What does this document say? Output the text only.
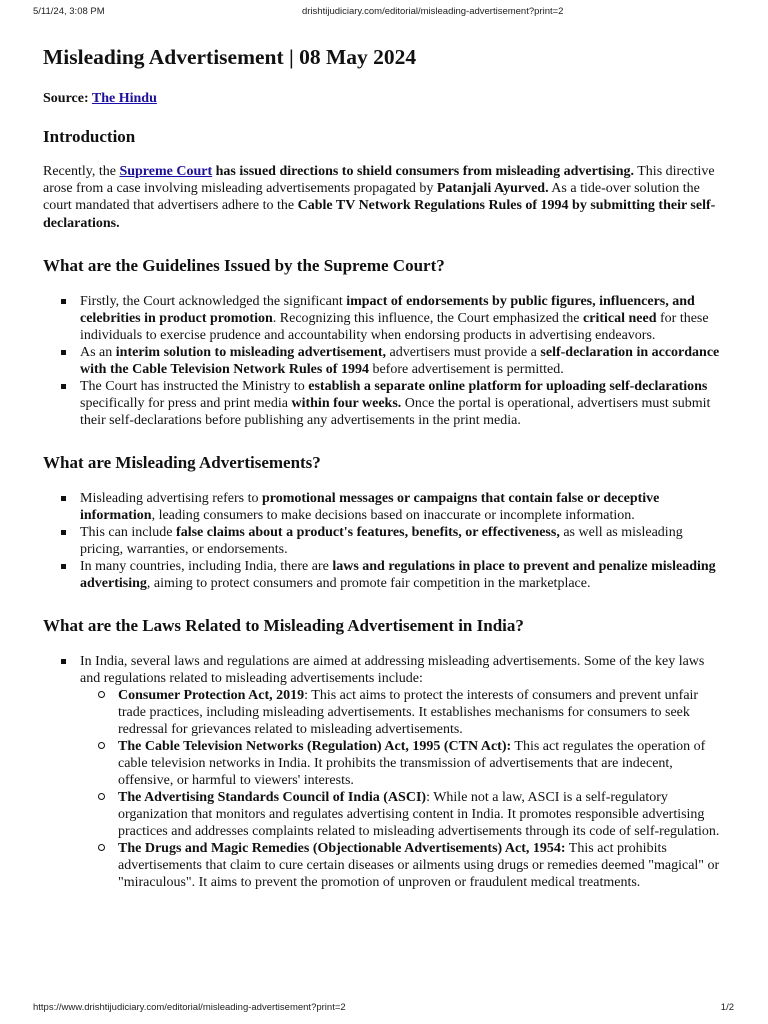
5/11/24, 3:08 PM	drishtijudiciary.com/editorial/misleading-advertisement?print=2
Misleading Advertisement | 08 May 2024

Source: The Hindu

Introduction

Recently, the Supreme Court has issued directions to shield consumers from misleading advertising. This directive arose from a case involving misleading advertisements propagated by Patanjali Ayurved. As a tide-over solution the court mandated that advertisers adhere to the Cable TV Network Regulations Rules of 1994 by submitting their self-declarations.

What are the Guidelines Issued by the Supreme Court?
Firstly, the Court acknowledged the significant impact of endorsements by public figures, influencers, and celebrities in product promotion. Recognizing this influence, the Court emphasized the critical need for these individuals to exercise prudence and accountability when endorsing products in advertising endeavors.
As an interim solution to misleading advertisement, advertisers must provide a self-declaration in accordance with the Cable Television Network Rules of 1994 before advertisement is permitted.
The Court has instructed the Ministry to establish a separate online platform for uploading self-declarations specifically for press and print media within four weeks. Once the portal is operational, advertisers must submit their self-declarations before publishing any advertisements in the print media.
What are Misleading Advertisements?
Misleading advertising refers to promotional messages or campaigns that contain false or deceptive information, leading consumers to make decisions based on inaccurate or incomplete information.
This can include false claims about a product's features, benefits, or effectiveness, as well as misleading pricing, warranties, or endorsements.
In many countries, including India, there are laws and regulations in place to prevent and penalize misleading advertising, aiming to protect consumers and promote fair competition in the marketplace.
What are the Laws Related to Misleading Advertisement in India?
In India, several laws and regulations are aimed at addressing misleading advertisements. Some of the key laws and regulations related to misleading advertisements include:
Consumer Protection Act, 2019: This act aims to protect the interests of consumers and prevent unfair trade practices, including misleading advertisements. It establishes mechanisms for consumers to seek redressal for grievances related to misleading advertisements.
The Cable Television Networks (Regulation) Act, 1995 (CTN Act): This act regulates the operation of cable television networks in India. It prohibits the transmission of advertisements that are indecent, offensive, or harmful to viewers' interests.
The Advertising Standards Council of India (ASCI): While not a law, ASCI is a self-regulatory organization that monitors and regulates advertising content in India. It promotes responsible advertising practices and addresses complaints related to misleading advertisements through its code of self-regulation.
The Drugs and Magic Remedies (Objectionable Advertisements) Act, 1954: This act prohibits advertisements that claim to cure certain diseases or ailments using drugs or remedies deemed "magical" or "miraculous". It aims to prevent the promotion of unproven or fraudulent medical treatments.
https://www.drishtijudiciary.com/editorial/misleading-advertisement?print=2	1/2
